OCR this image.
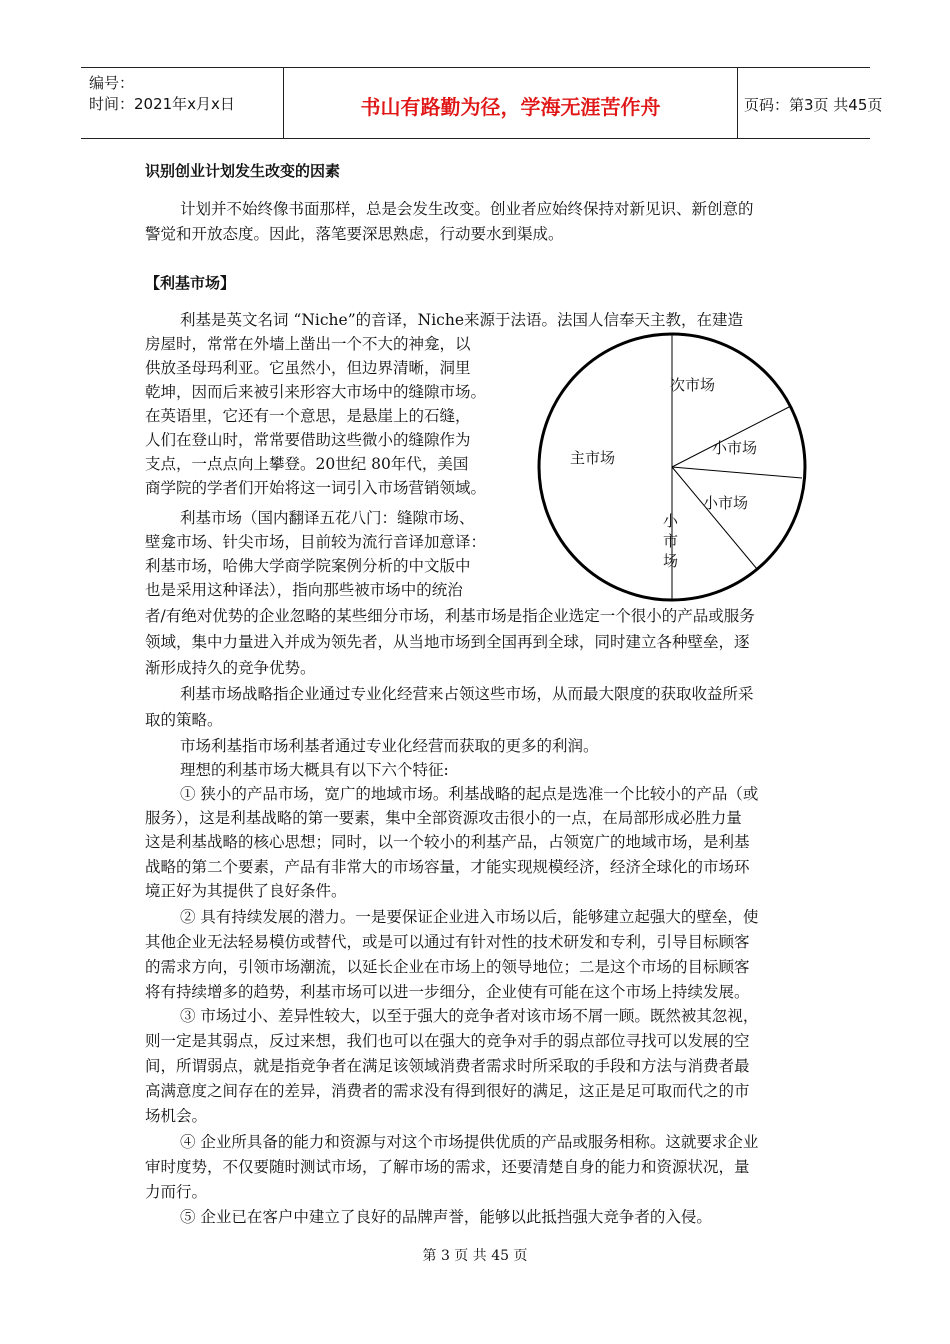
编号：
时间：2021年x月x日	书山有路勤为径，学海无涯苦作舟	页码：第3页 共45页
识别创业计划发生改变的因素
计划并不始终像书面那样，总是会发生改变。创业者应始终保持对新见识、新创意的
警觉和开放态度。因此，落笔要深思熟虑，行动要水到渠成。
【利基市场】
利基是英文名词 “Niche”的音译，Niche来源于法语。法国人信奉天主教，在建造
房屋时，常常在外墙上凿出一个不大的神龛，以
供放圣母玛利亚。它虽然小，但边界清晰，洞里
乾坤，因而后来被引来形容大市场中的缝隙市场。
在英语里，它还有一个意思，是悬崖上的石缝，
人们在登山时，常常要借助这些微小的缝隙作为
支点，一点点向上攀登。20世纪 80年代，美国
商学院的学者们开始将这一词引入市场营销领域。
利基市场（国内翻译五花八门：缝隙市场、
壁龛市场、针尖市场，目前较为流行音译加意译：
利基市场，哈佛大学商学院案例分析的中文版中
也是采用这种译法），指向那些被市场中的统治
者/有绝对优势的企业忽略的某些细分市场，利基市场是指企业选定一个很小的产品或服务
领域，集中力量进入并成为领先者，从当地市场到全国再到全球，同时建立各种壁垒，逐
渐形成持久的竞争优势。
利基市场战略指企业通过专业化经营来占领这些市场，从而最大限度的获取收益所采
取的策略。
市场利基指市场利基者通过专业化经营而获取的更多的利润。
理想的利基市场大概具有以下六个特征:
① 狭小的产品市场，宽广的地域市场。利基战略的起点是选准一个比较小的产品（或
服务），这是利基战略的第一要素，集中全部资源攻击很小的一点，在局部形成必胜力量
这是利基战略的核心思想；同时，以一个较小的利基产品，占领宽广的地域市场，是利基
战略的第二个要素，产品有非常大的市场容量，才能实现规模经济，经济全球化的市场环
境正好为其提供了良好条件。
② 具有持续发展的潜力。一是要保证企业进入市场以后，能够建立起强大的壁垒，使
其他企业无法轻易模仿或替代，或是可以通过有针对性的技术研发和专利，引导目标顾客
的需求方向，引领市场潮流，以延长企业在市场上的领导地位；二是这个市场的目标顾客
将有持续增多的趋势，利基市场可以进一步细分，企业使有可能在这个市场上持续发展。
③ 市场过小、差异性较大，以至于强大的竞争者对该市场不屑一顾。既然被其忽视，
则一定是其弱点，反过来想，我们也可以在强大的竞争对手的弱点部位寻找可以发展的空
间，所谓弱点，就是指竞争者在满足该领域消费者需求时所采取的手段和方法与消费者最
高满意度之间存在的差异，消费者的需求没有得到很好的满足，这正是足可取而代之的市
场机会。
④ 企业所具备的能力和资源与对这个市场提供优质的产品或服务相称。这就要求企业
审时度势，不仅要随时测试市场，了解市场的需求，还要清楚自身的能力和资源状况，量
力而行。
⑤ 企业已在客户中建立了良好的品牌声誉，能够以此抵挡强大竞争者的入侵。
主市场
次市场
小市场
小市场
小
市
场
第 3 页 共 45 页
